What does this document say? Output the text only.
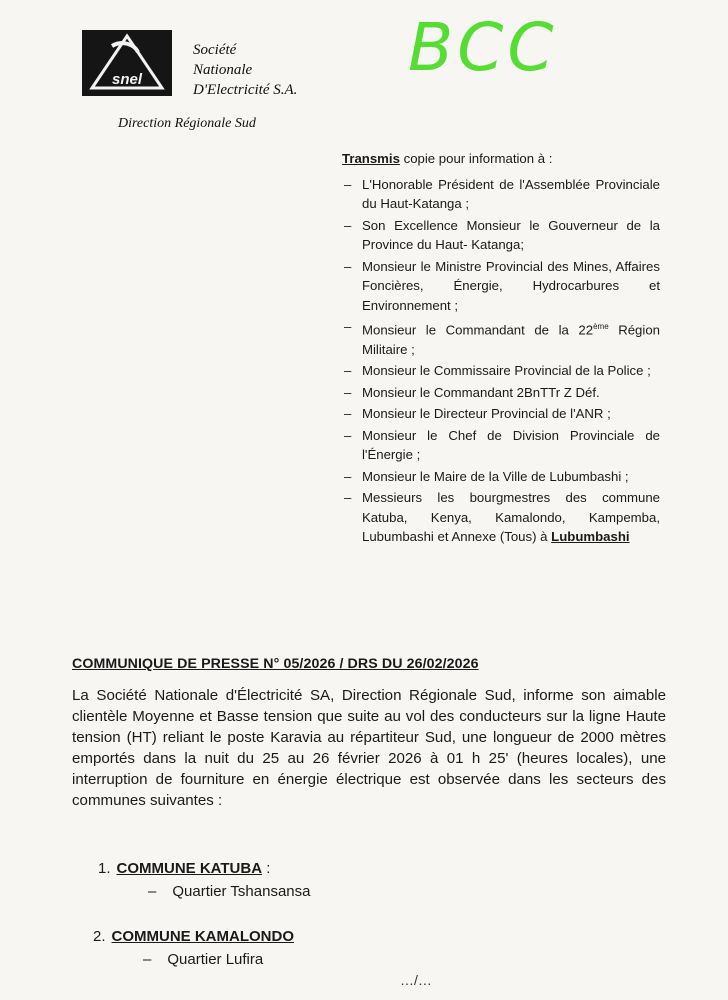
snel
Société
Nationale
D'Electricité S.A.
Direction Régionale Sud
BCC

Transmis copie pour information à :

– L'Honorable Président de l'Assemblée Provinciale du Haut-Katanga ;
– Son Excellence Monsieur le Gouverneur de la Province du Haut- Katanga;
– Monsieur le Ministre Provincial des Mines, Affaires Foncières, Énergie, Hydrocarbures et Environnement ;
– Monsieur le Commandant de la 22ème Région Militaire ;
– Monsieur le Commissaire Provincial de la Police ;
– Monsieur le Commandant 2BnTTr Z Déf.
– Monsieur le Directeur Provincial de l'ANR ;
– Monsieur le Chef de Division Provinciale de l'Énergie ;
– Monsieur le Maire de la Ville de Lubumbashi ;
– Messieurs les bourgmestres des commune Katuba, Kenya, Kamalondo, Kampemba, Lubumbashi et Annexe (Tous) à Lubumbashi
COMMUNIQUE DE PRESSE N° 05/2026 / DRS DU 26/02/2026
La Société Nationale d'Électricité SA, Direction Régionale Sud, informe son aimable clientèle Moyenne et Basse tension que suite au vol des conducteurs sur la ligne Haute tension (HT) reliant le poste Karavia au répartiteur Sud, une longueur de 2000 mètres emportés dans la nuit du 25 au 26 février 2026 à 01 h 25' (heures locales), une interruption de fourniture en énergie électrique est observée dans les secteurs des communes suivantes :
1. COMMUNE KATUBA :
– Quartier Tshansansa
2. COMMUNE KAMALONDO
– Quartier Lufira
…/…
